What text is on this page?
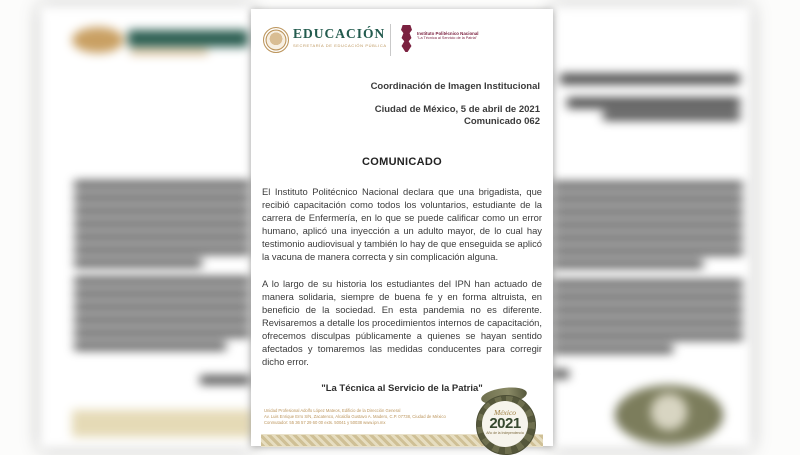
EDUCACIÓN
SECRETARÍA DE EDUCACIÓN PÚBLICA
Instituto Politécnico Nacional
"La Técnica al Servicio de la Patria"
Coordinación de Imagen Institucional
Ciudad de México, 5 de abril de 2021
Comunicado 062
COMUNICADO
El Instituto Politécnico Nacional declara que una brigadista, que recibió capacitación como todos los voluntarios, estudiante de la carrera de Enfermería, en lo que se puede calificar como un error humano, aplicó una inyección a un adulto mayor, de lo cual hay testimonio audiovisual y también lo hay de que enseguida se aplicó la vacuna de manera correcta y sin complicación alguna.
A lo largo de su historia los estudiantes del IPN han actuado de manera solidaria, siempre de buena fe y en forma altruista, en beneficio de la sociedad. En esta pandemia no es diferente. Revisaremos a detalle los procedimientos internos de capacitación, ofrecemos disculpas públicamente a quienes se hayan sentido afectados y tomaremos las medidas conducentes para corregir dicho error.
"La Técnica al Servicio de la Patria"
Unidad Profesional Adolfo López Mateos, Edificio de la Dirección General
Av. Luis Enrique Erro S/N, Zacatenco, Alcaldía Gustavo A. Madero, C.P. 07738, Ciudad de México
Conmutador: 55 36 57 29 60 00 exts. 50041 y 50038 www.ipn.mx
México
2021
Año de la Independencia
